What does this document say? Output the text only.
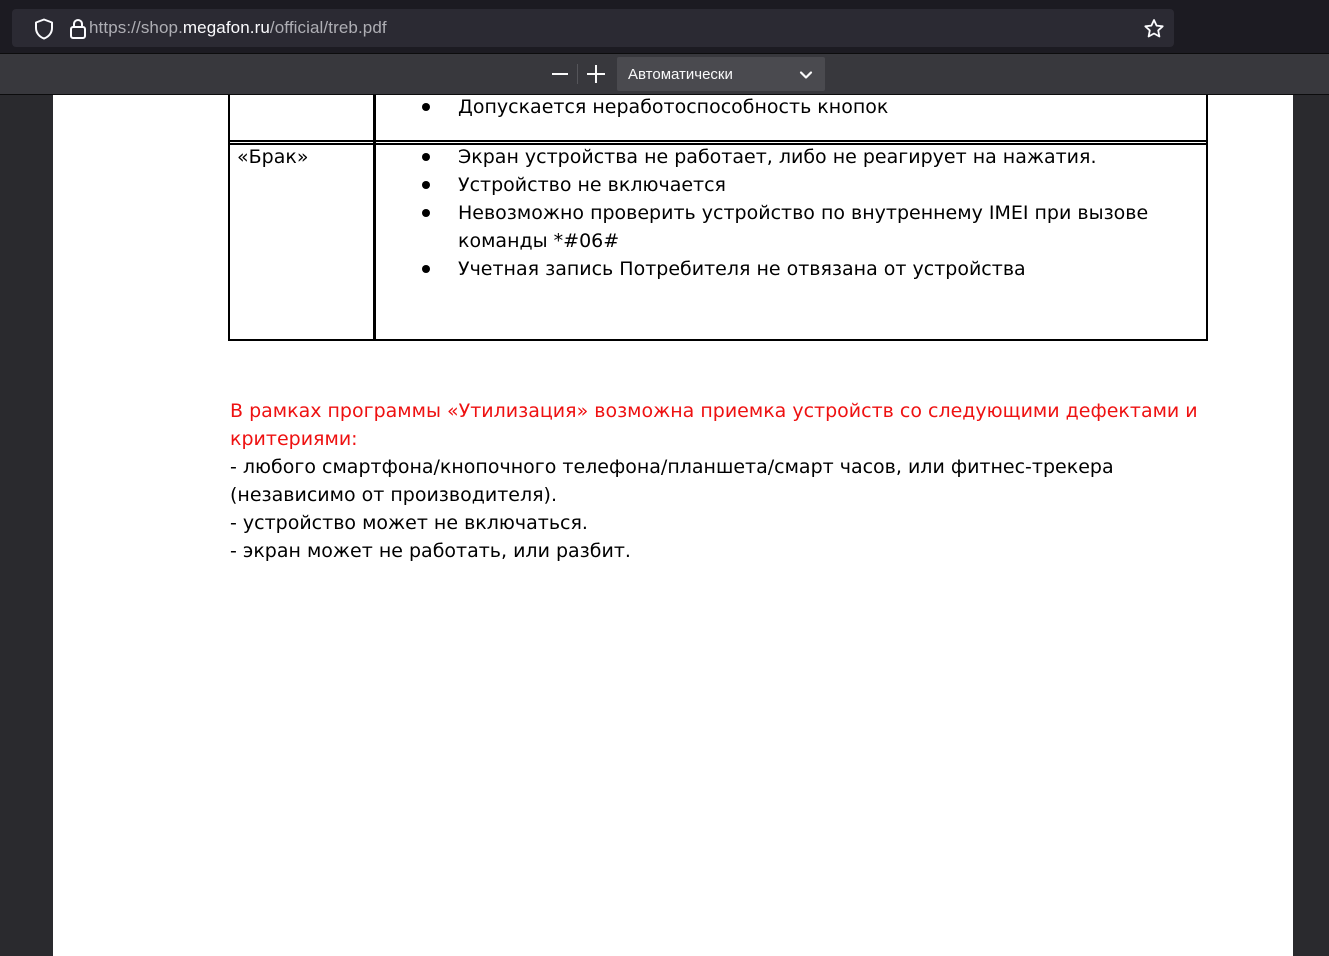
https://shop.megafon.ru/official/treb.pdf
Автоматически
Допускается неработоспособность кнопок
«Брак»	Экран устройства не работает, либо не реагирует на нажатия.
Устройство не включается
Невозможно проверить устройство по внутреннему IMEI при вызове
команды *#06#
Учетная запись Потребителя не отвязана от устройства
В рамках программы «Утилизация» возможна приемка устройств со следующими дефектами и
критериями:
- любого смартфона/кнопочного телефона/планшета/смарт часов, или фитнес-трекера
(независимо от производителя).
- устройство может не включаться.
- экран может не работать, или разбит.
